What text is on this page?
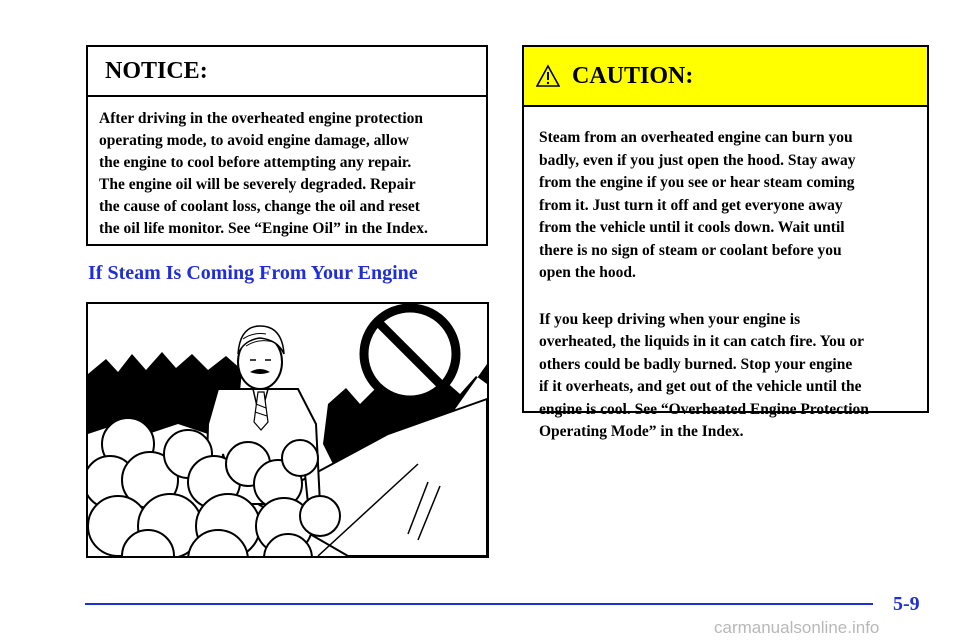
NOTICE:
After driving in the overheated engine protection
operating mode, to avoid engine damage, allow
the engine to cool before attempting any repair.
The engine oil will be severely degraded. Repair
the cause of coolant loss, change the oil and reset
the oil life monitor. See “Engine Oil” in the Index.
If Steam Is Coming From Your Engine
CAUTION:

Steam from an overheated engine can burn you
badly, even if you just open the hood. Stay away
from the engine if you see or hear steam coming
from it. Just turn it off and get everyone away
from the vehicle until it cools down. Wait until
there is no sign of steam or coolant before you
open the hood.

If you keep driving when your engine is
overheated, the liquids in it can catch fire. You or
others could be badly burned. Stop your engine
if it overheats, and get out of the vehicle until the
engine is cool. See “Overheated Engine Protection
Operating Mode” in the Index.

5-9
carmanualsonline.info
